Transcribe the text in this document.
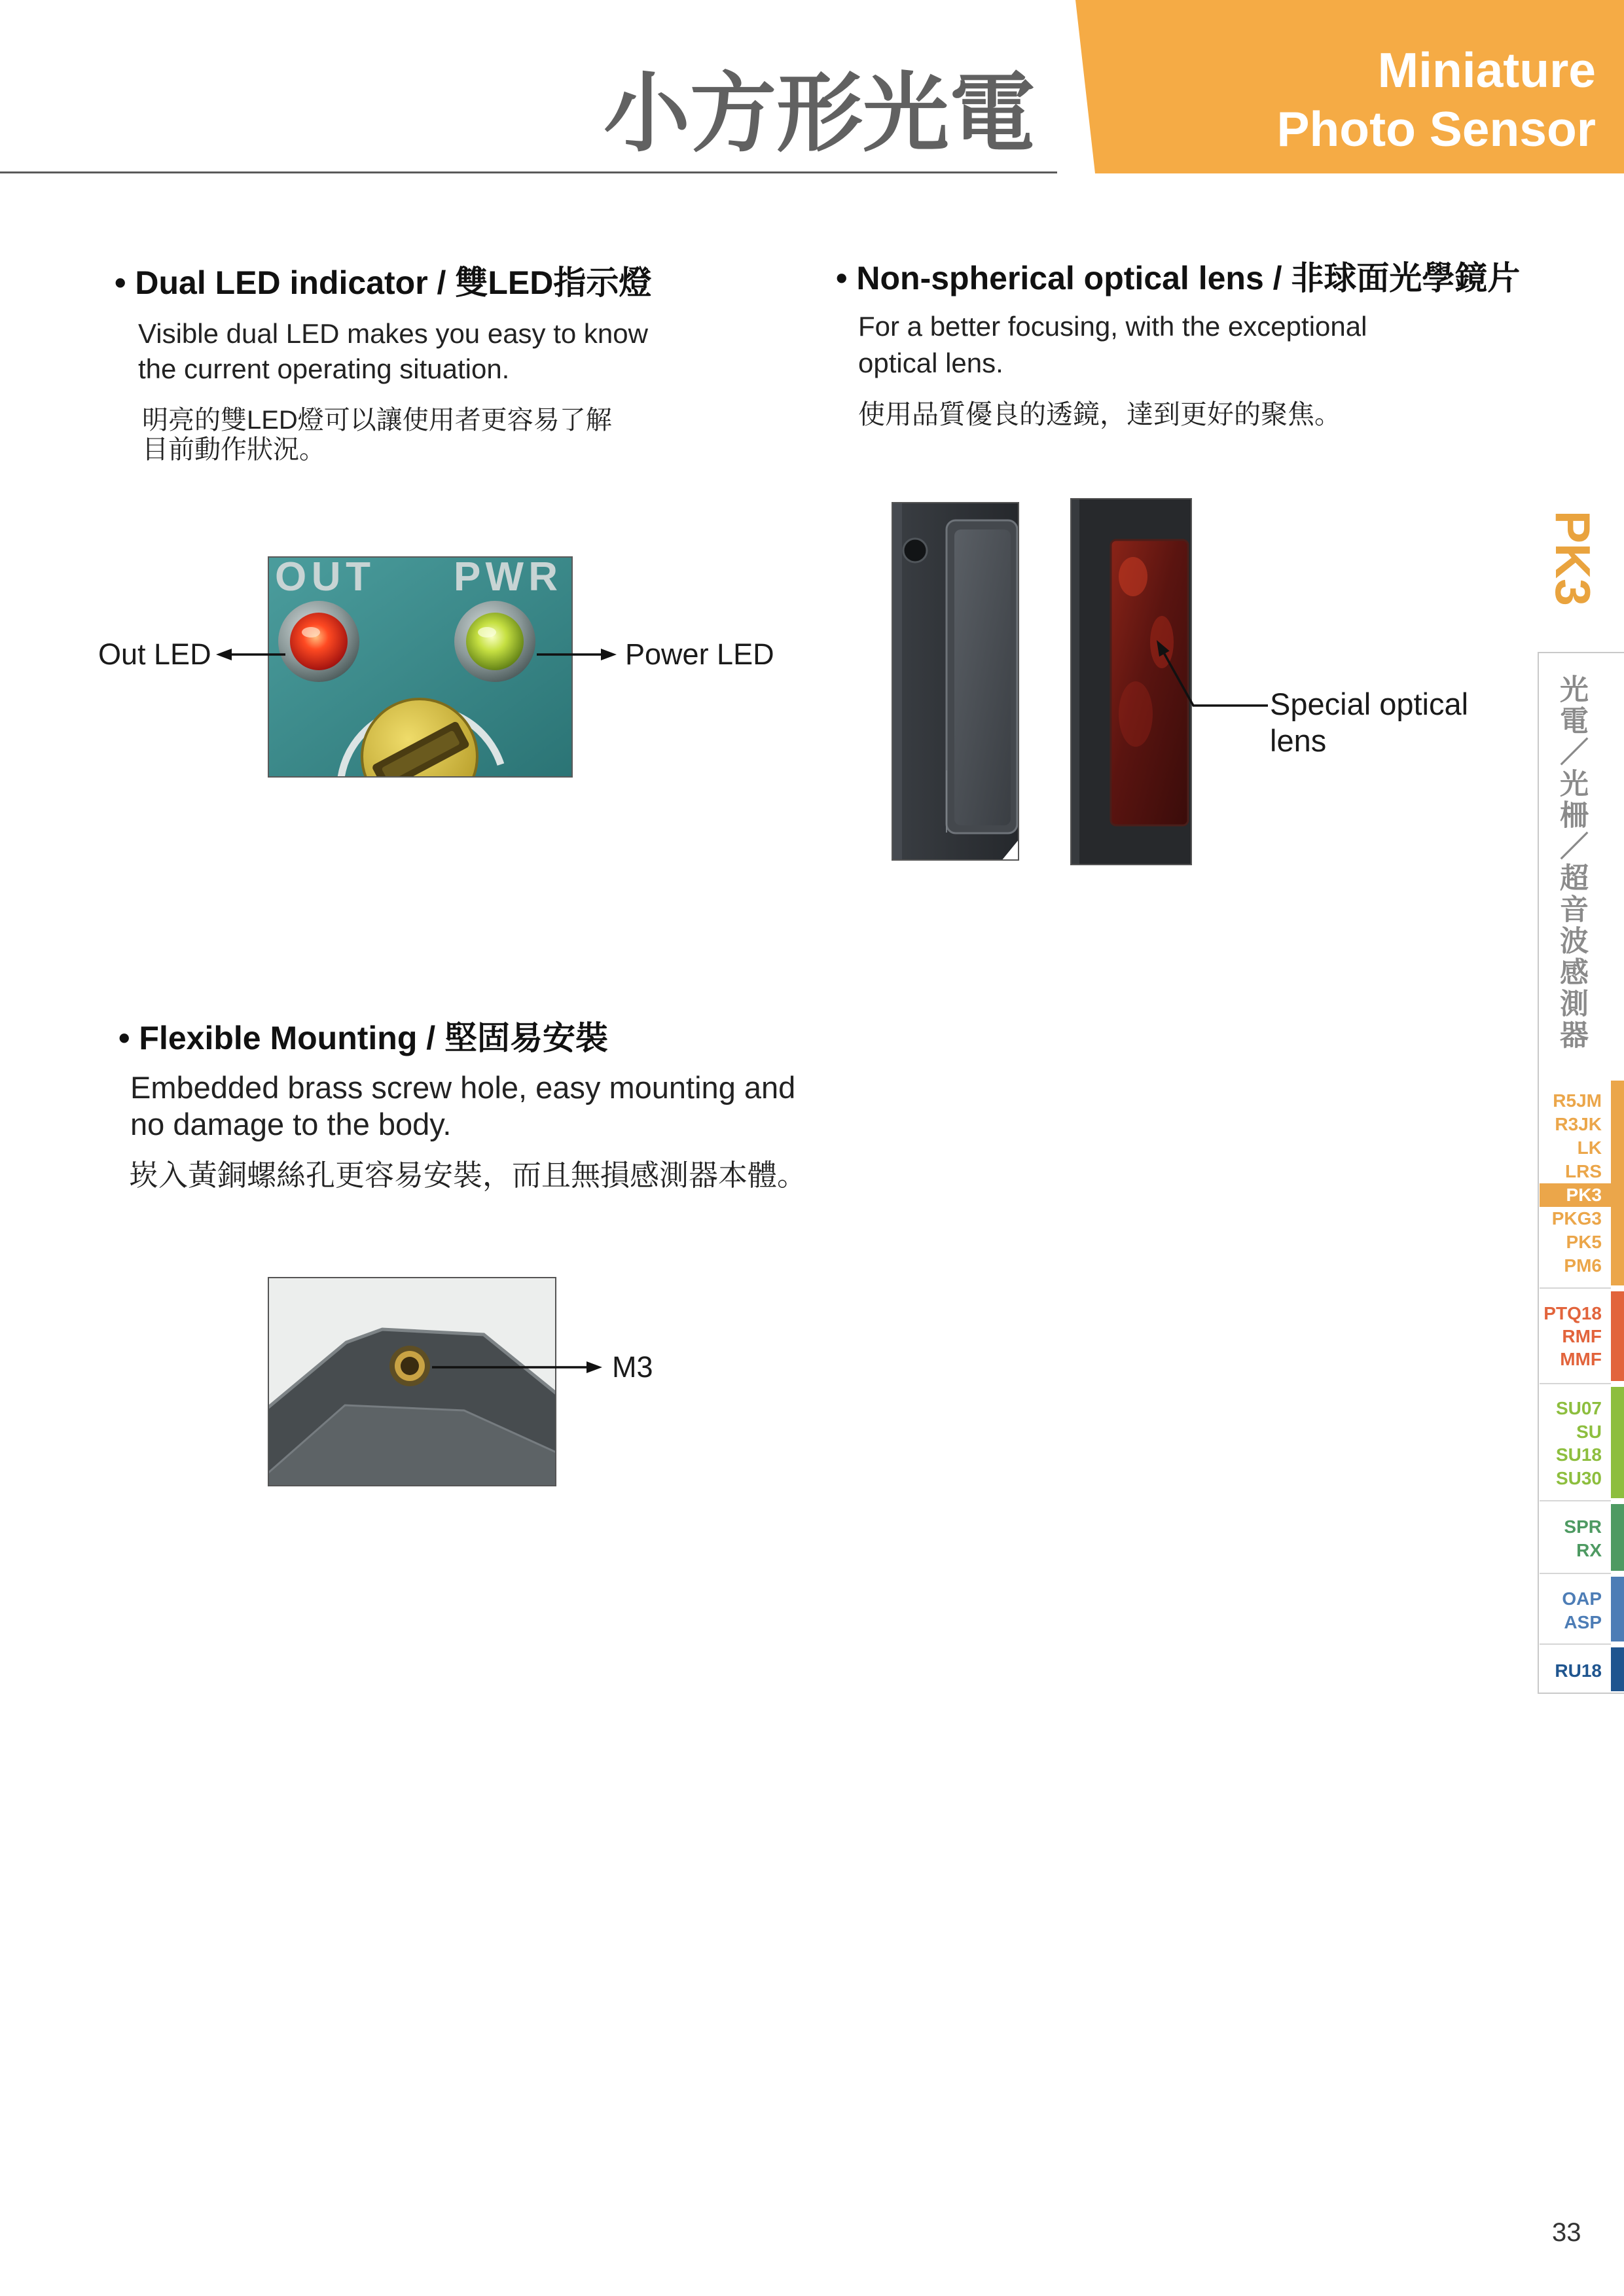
小方形光電	Miniature
Photo Sensor
• Dual LED indicator / 雙LED指示燈
Visible dual LED makes you easy to know
the current operating situation.
明亮的雙LED燈可以讓使用者更容易了解
目前動作狀況。
OUT PWR
Out LED	Power LED
• Non-spherical optical lens / 非球面光學鏡片
For a better focusing, with the exceptional
optical lens.
使用品質優良的透鏡，達到更好的聚焦。
Special optical
lens
• Flexible Mounting / 堅固易安裝
Embedded brass screw hole, easy mounting and
no damage to the body.
崁入黃銅螺絲孔更容易安裝，而且無損感測器本體。
M3
PK3
光電／光柵／超音波感測器
R5JM
R3JK
LK
LRS
PK3
PKG3
PK5
PM6
PTQ18
RMF
MMF
SU07
SU
SU18
SU30
SPR
RX
OAP
ASP
RU18
33
